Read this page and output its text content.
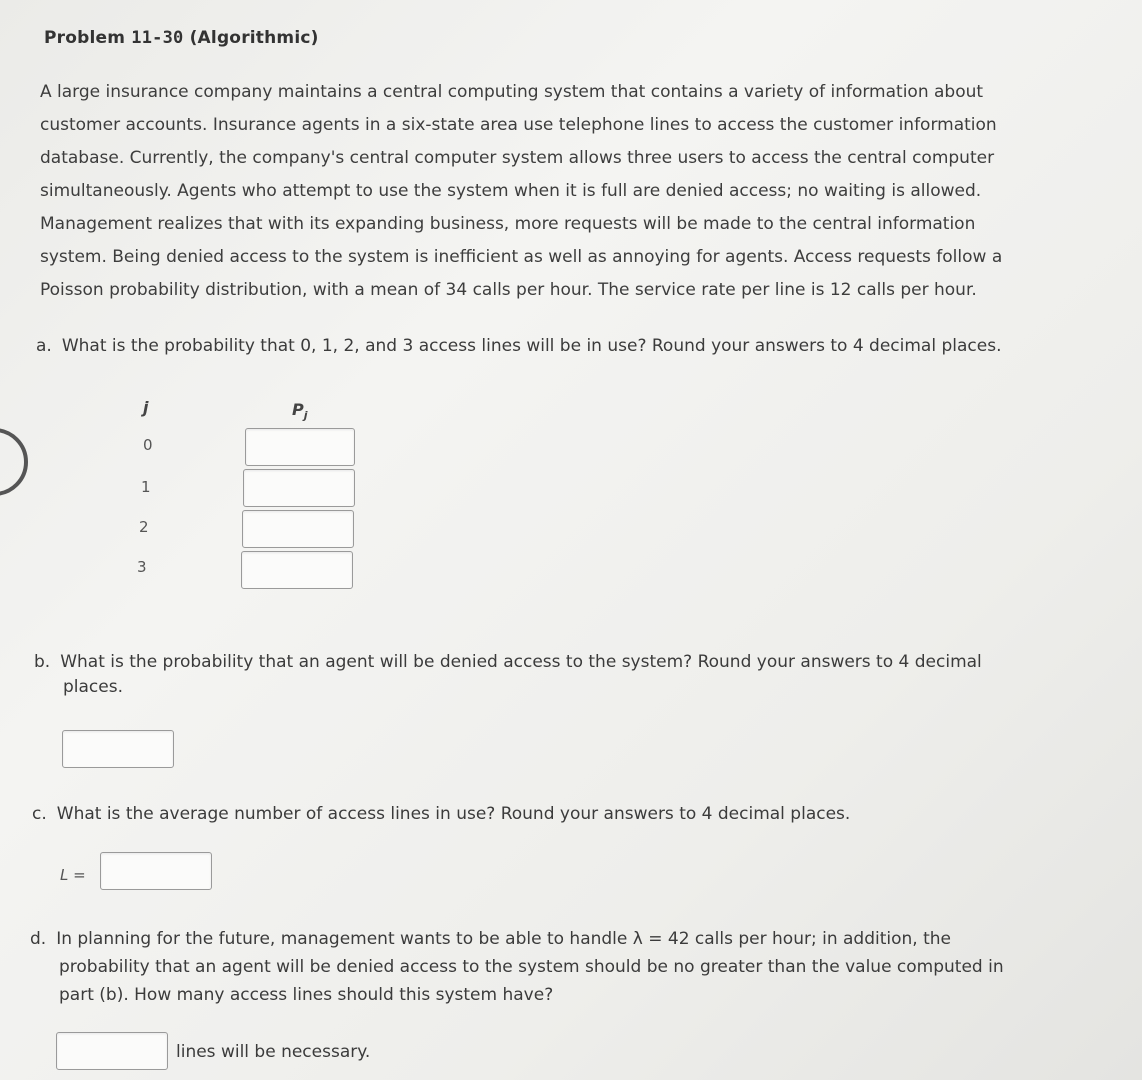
Problem 11-30 (Algorithmic)
A large insurance company maintains a central computing system that contains a variety of information about
customer accounts. Insurance agents in a six-state area use telephone lines to access the customer information
database. Currently, the company's central computer system allows three users to access the central computer
simultaneously. Agents who attempt to use the system when it is full are denied access; no waiting is allowed.
Management realizes that with its expanding business, more requests will be made to the central information
system. Being denied access to the system is inefficient as well as annoying for agents. Access requests follow a
Poisson probability distribution, with a mean of 34 calls per hour. The service rate per line is 12 calls per hour.
a. What is the probability that 0, 1, 2, and 3 access lines will be in use? Round your answers to 4 decimal places.
j	$P_j$
0
1
2
3
b. What is the probability that an agent will be denied access to the system? Round your answers to 4 decimal
places.
c. What is the average number of access lines in use? Round your answers to 4 decimal places.
L =
d. In planning for the future, management wants to be able to handle λ = 42 calls per hour; in addition, the
probability that an agent will be denied access to the system should be no greater than the value computed in
part (b). How many access lines should this system have?
lines will be necessary.
